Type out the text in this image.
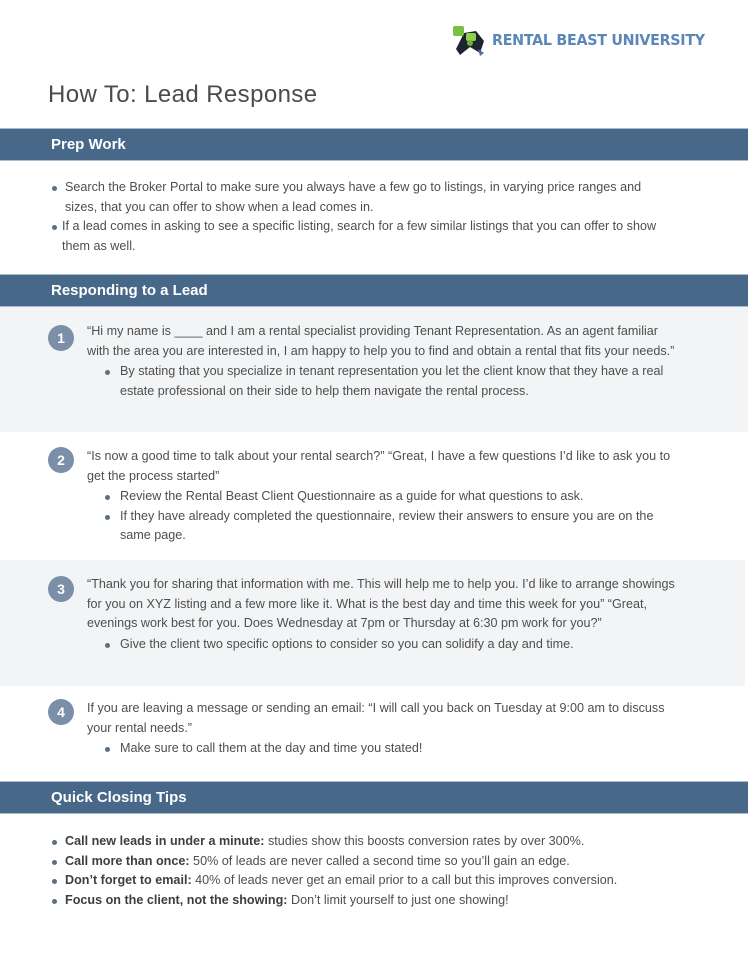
RENTAL BEAST UNIVERSITY
How To: Lead Response
Prep Work
Search the Broker Portal to make sure you always have a few go to listings, in varying price ranges and sizes, that you can offer to show when a lead comes in.
If a lead comes in asking to see a specific listing, search for a few similar listings that you can offer to show them as well.
Responding to a Lead
1	“Hi my name is ____ and I am a rental specialist providing Tenant Representation. As an agent familiar with the area you are interested in, I am happy to help you to find and obtain a rental that fits your needs.”
By stating that you specialize in tenant representation you let the client know that they have a real estate professional on their side to help them navigate the rental process.
2	“Is now a good time to talk about your rental search?” “Great, I have a few questions I’d like to ask you to get the process started”
Review the Rental Beast Client Questionnaire as a guide for what questions to ask.
If they have already completed the questionnaire, review their answers to ensure you are on the same page.
3	“Thank you for sharing that information with me. This will help me to help you. I’d like to arrange showings for you on XYZ listing and a few more like it. What is the best day and time this week for you” “Great, evenings work best for you. Does Wednesday at 7pm or Thursday at 6:30 pm work for you?”
Give the client two specific options to consider so you can solidify a day and time.
4	If you are leaving a message or sending an email: “I will call you back on Tuesday at 9:00 am to discuss your rental needs.”
Make sure to call them at the day and time you stated!
Quick Closing Tips
Call new leads in under a minute: studies show this boosts conversion rates by over 300%.
Call more than once: 50% of leads are never called a second time so you’ll gain an edge.
Don’t forget to email: 40% of leads never get an email prior to a call but this improves conversion.
Focus on the client, not the showing: Don’t limit yourself to just one showing!
